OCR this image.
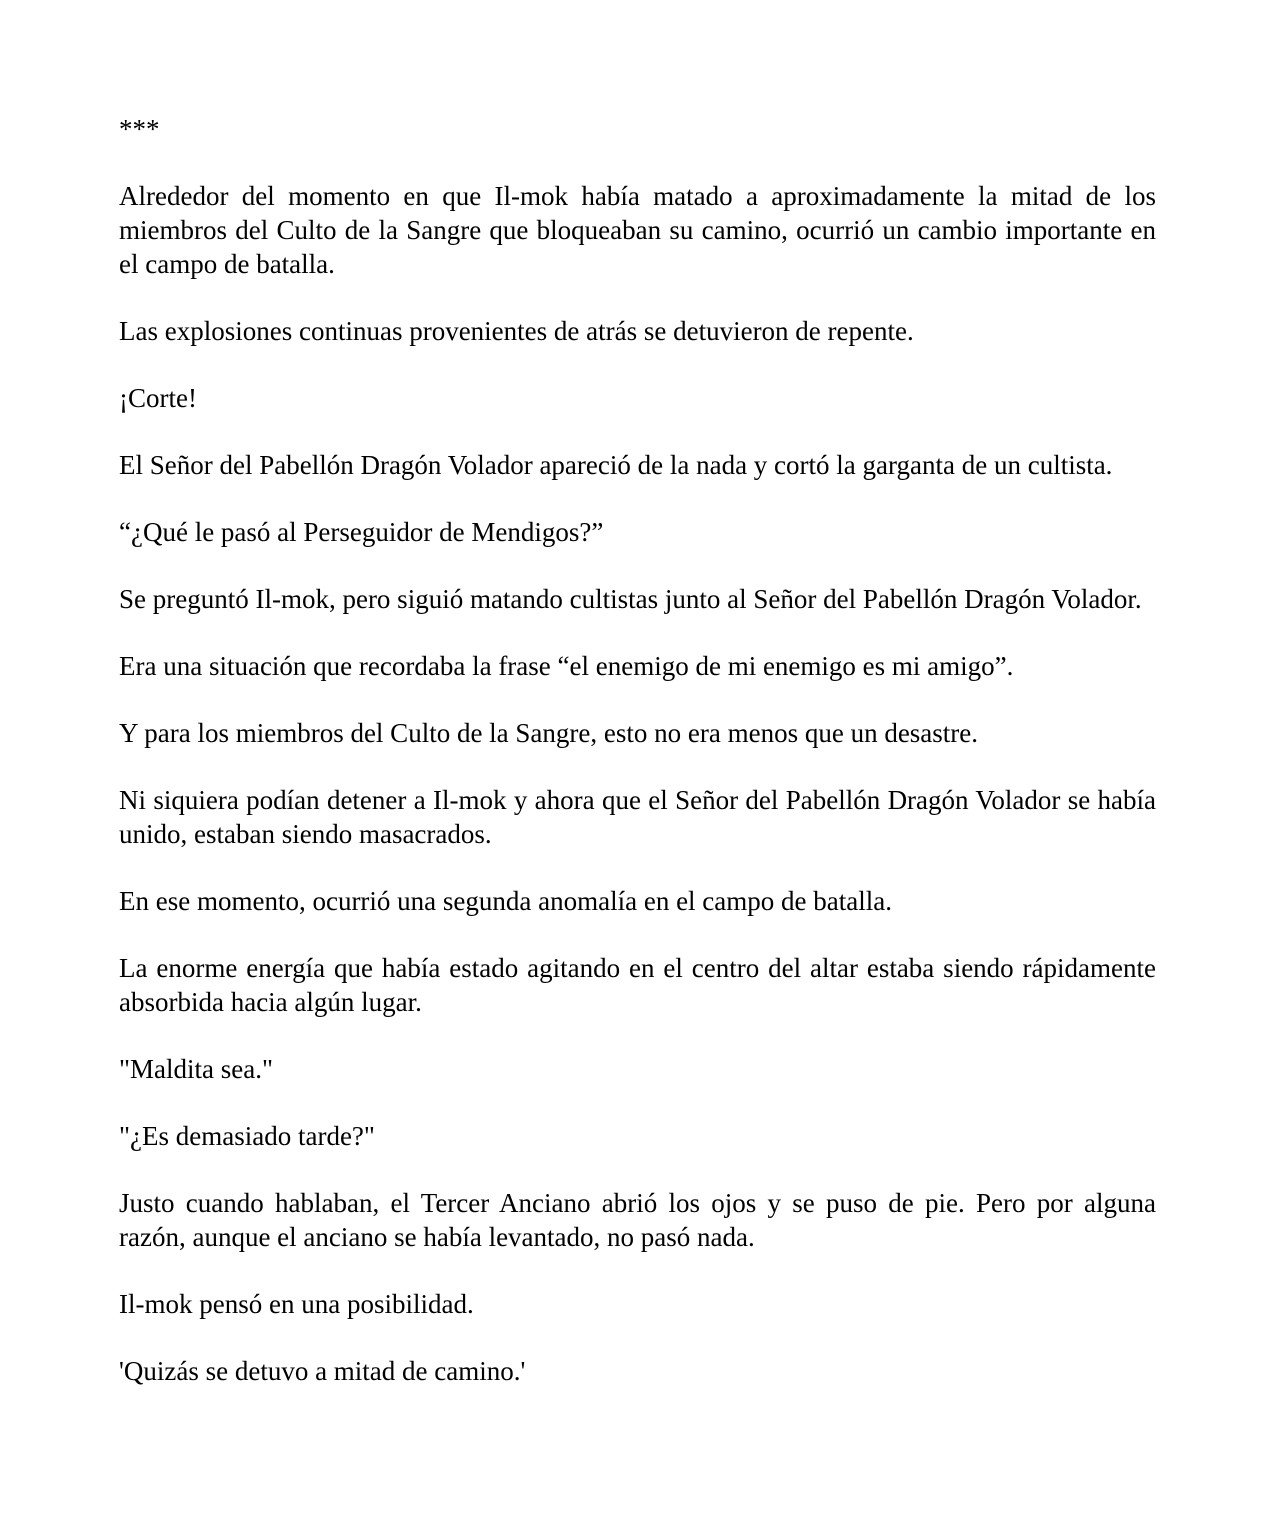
***

Alrededor del momento en que Il-mok había matado a aproximadamente la mitad de los miembros del Culto de la Sangre que bloqueaban su camino, ocurrió un cambio importante en el campo de batalla.

Las explosiones continuas provenientes de atrás se detuvieron de repente.

¡Corte!

El Señor del Pabellón Dragón Volador apareció de la nada y cortó la garganta de un cultista.

“¿Qué le pasó al Perseguidor de Mendigos?”

Se preguntó Il-mok, pero siguió matando cultistas junto al Señor del Pabellón Dragón Volador.

Era una situación que recordaba la frase “el enemigo de mi enemigo es mi amigo”.

Y para los miembros del Culto de la Sangre, esto no era menos que un desastre.

Ni siquiera podían detener a Il-mok y ahora que el Señor del Pabellón Dragón Volador se había unido, estaban siendo masacrados.

En ese momento, ocurrió una segunda anomalía en el campo de batalla.

La enorme energía que había estado agitando en el centro del altar estaba siendo rápidamente absorbida hacia algún lugar.

"Maldita sea."

"¿Es demasiado tarde?"

Justo cuando hablaban, el Tercer Anciano abrió los ojos y se puso de pie. Pero por alguna razón, aunque el anciano se había levantado, no pasó nada.

Il-mok pensó en una posibilidad.

'Quizás se detuvo a mitad de camino.'
